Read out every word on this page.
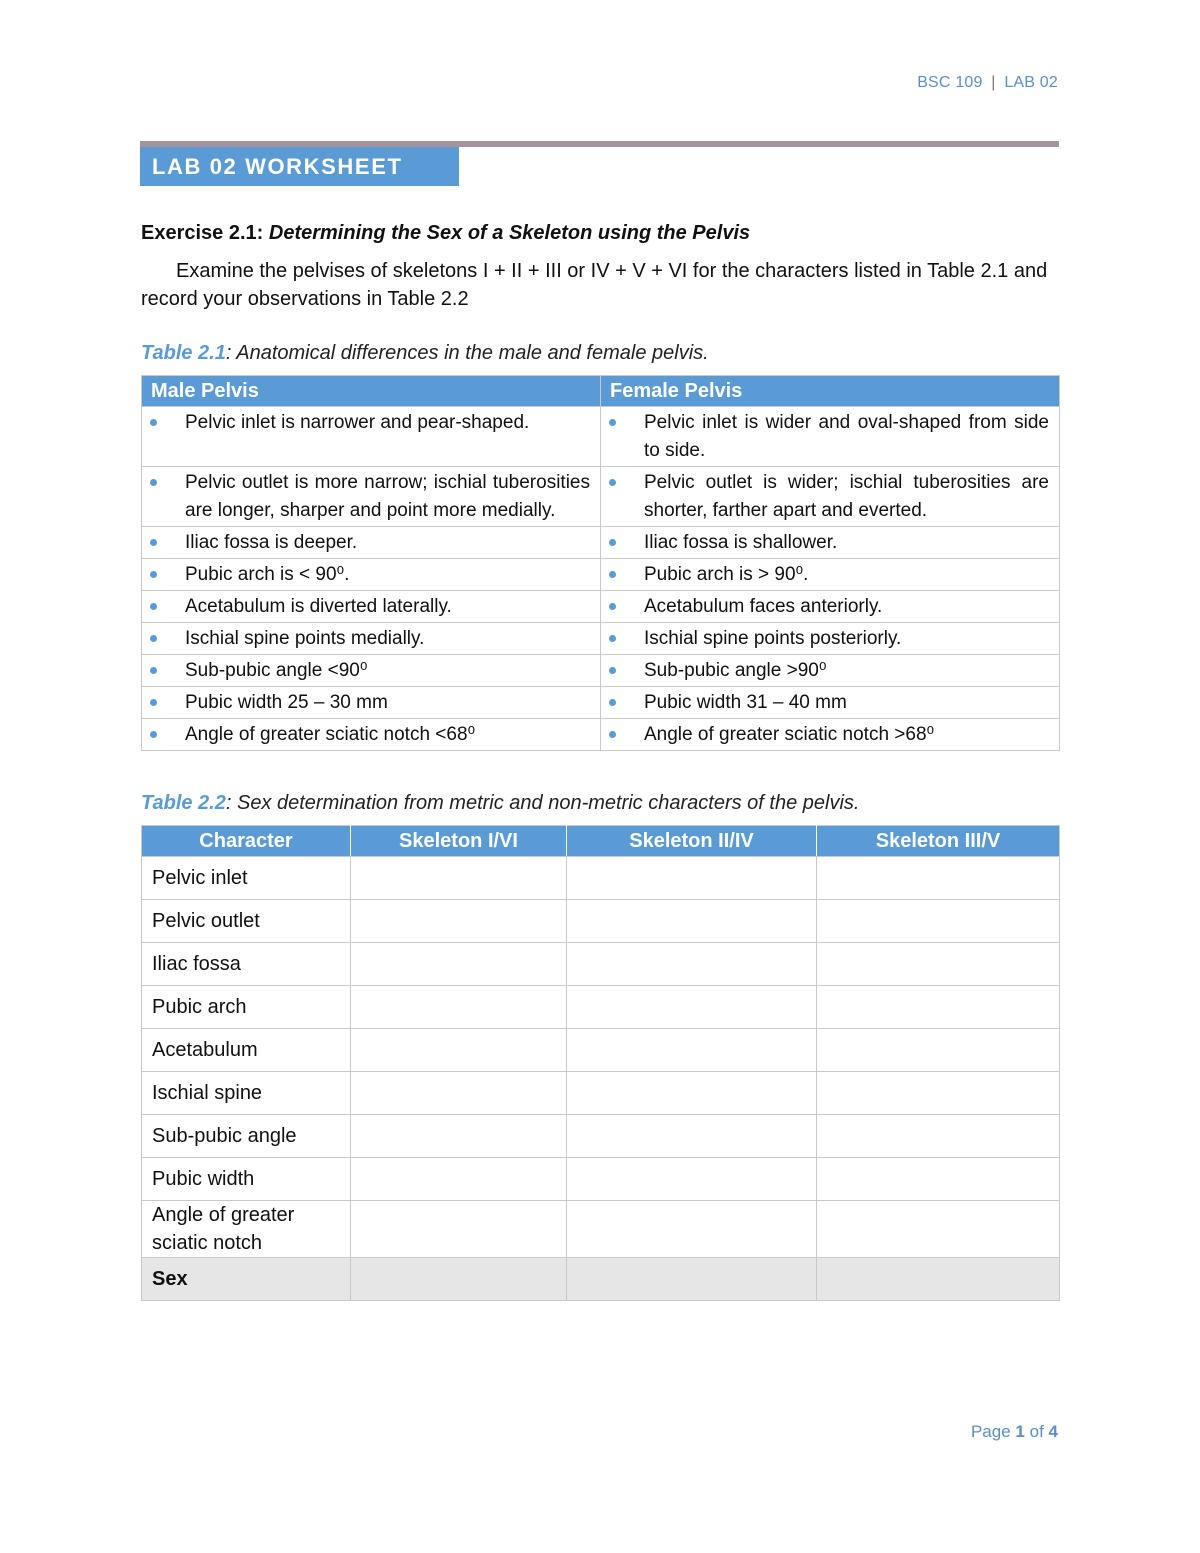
BSC 109 | LAB 02
LAB 02 WORKSHEET
Exercise 2.1: Determining the Sex of a Skeleton using the Pelvis
Examine the pelvises of skeletons I + II + III or IV + V + VI for the characters listed in Table 2.1 and record your observations in Table 2.2
Table 2.1: Anatomical differences in the male and female pelvis.
Male Pelvis	Female Pelvis

Pelvic inlet is narrower and pear-shaped.	Pelvic inlet is wider and oval-shaped from side to side.

Pelvic outlet is more narrow; ischial tuberosities are longer, sharper and point more medially.	Pelvic outlet is wider; ischial tuberosities are shorter, farther apart and everted.

Iliac fossa is deeper.	Iliac fossa is shallower.

Pubic arch is < 90⁰.	Pubic arch is > 90⁰.

Acetabulum is diverted laterally.	Acetabulum faces anteriorly.

Ischial spine points medially.	Ischial spine points posteriorly.

Sub-pubic angle <90⁰	Sub-pubic angle >90⁰

Pubic width 25 – 30 mm	Pubic width 31 – 40 mm

Angle of greater sciatic notch <68⁰	Angle of greater sciatic notch >68⁰
Table 2.2: Sex determination from metric and non-metric characters of the pelvis.
Character	Skeleton I/VI	Skeleton II/IV	Skeleton III/V
Pelvic inlet			
Pelvic outlet			
Iliac fossa			
Pubic arch			
Acetabulum			
Ischial spine			
Sub-pubic angle			
Pubic width			
Angle of greater sciatic notch			
Sex			
Page 1 of 4
